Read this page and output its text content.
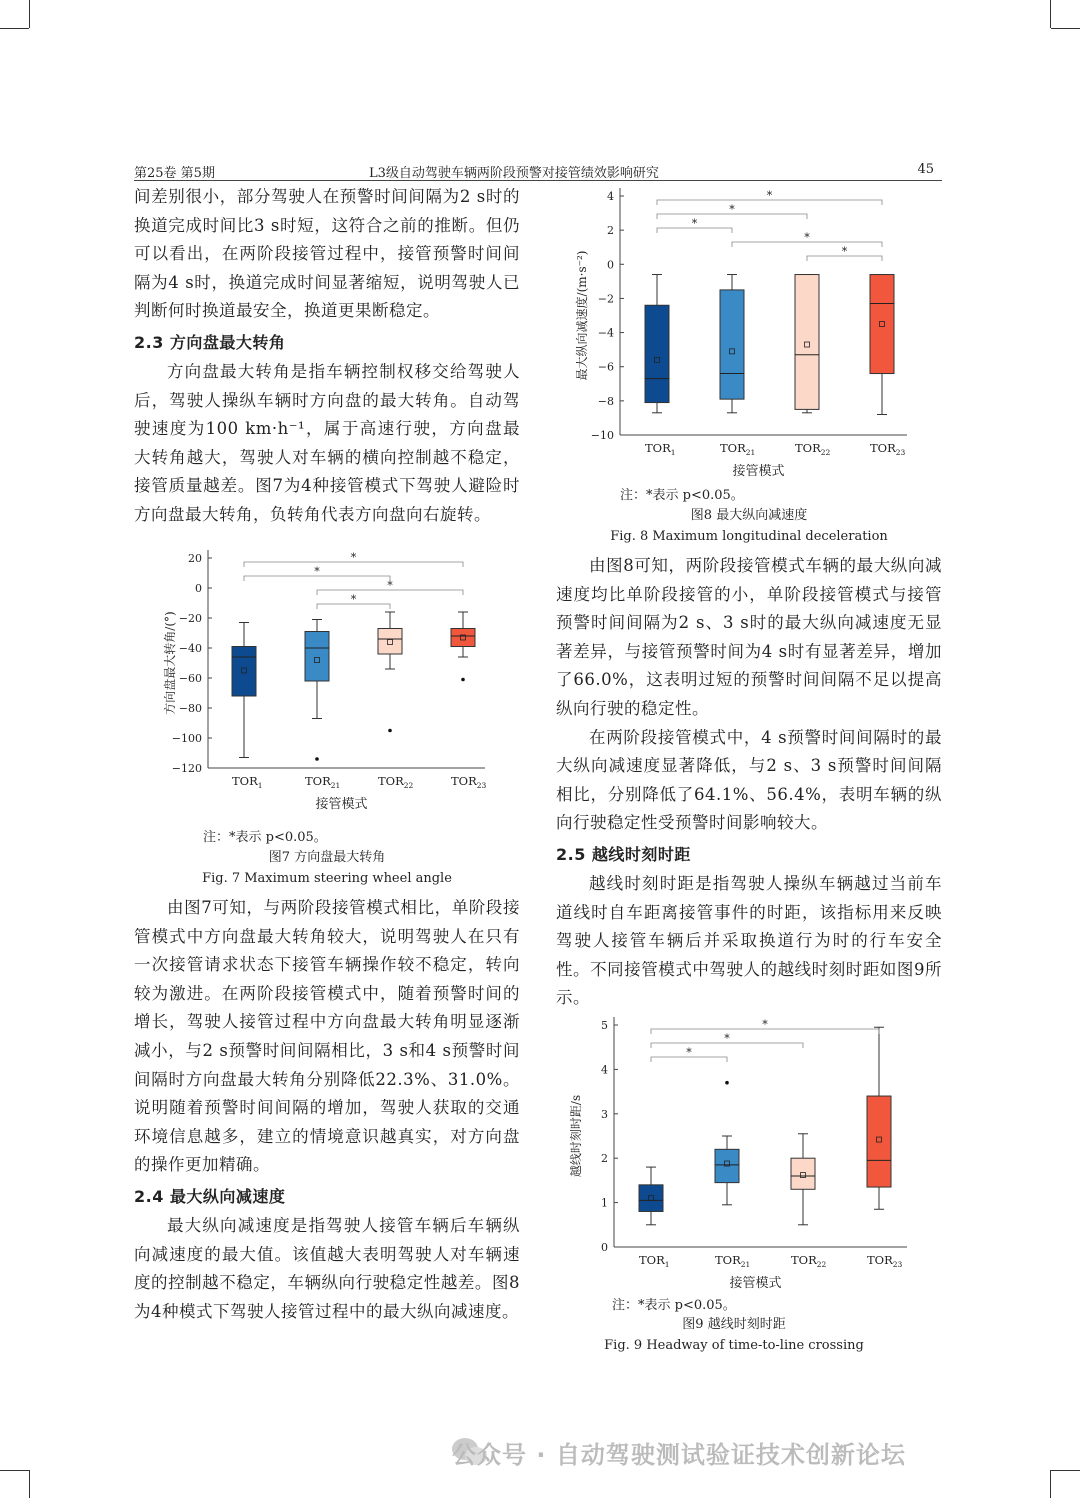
第25卷 第5期	L3级自动驾驶车辆两阶段预警对接管绩效影响研究	45

间差别很小，部分驾驶人在预警时间间隔为2 s时的换道完成时间比3 s时短，这符合之前的推断。但仍可以看出，在两阶段接管过程中，接管预警时间间隔为4 s时，换道完成时间显著缩短，说明驾驶人已判断何时换道最安全，换道更果断稳定。

2.3 方向盘最大转角

方向盘最大转角是指车辆控制权移交给驾驶人后，驾驶人操纵车辆时方向盘的最大转角。自动驾驶速度为100 km·h⁻¹，属于高速行驶，方向盘最大转角越大，驾驶人对车辆的横向控制越不稳定，接管质量越差。图7为4种接管模式下驾驶人避险时方向盘最大转角，负转角代表方向盘向右旋转。

20
0
−20
−40
−60
−80
−100
−120
方向盘最大转角/(°)
接管模式
$TOR_1$	$TOR_{21}$	$TOR_{22}$	$TOR_{23}$
*
*
*
*
注：*表示 p<0.05。
图7 方向盘最大转角
Fig. 7 Maximum steering wheel angle

由图7可知，与两阶段接管模式相比，单阶段接管模式中方向盘最大转角较大，说明驾驶人在只有一次接管请求状态下接管车辆操作较不稳定，转向较为激进。在两阶段接管模式中，随着预警时间的增长，驾驶人接管过程中方向盘最大转角明显逐渐减小，与2 s预警时间间隔相比，3 s和4 s预警时间间隔时方向盘最大转角分别降低22.3%、31.0%。说明随着预警时间间隔的增加，驾驶人获取的交通环境信息越多，建立的情境意识越真实，对方向盘的操作更加精确。

2.4 最大纵向减速度

最大纵向减速度是指驾驶人接管车辆后车辆纵向减速度的最大值。该值越大表明驾驶人对车辆速度的控制越不稳定，车辆纵向行驶稳定性越差。图8为4种模式下驾驶人接管过程中的最大纵向减速度。

4
2
0
−2
−4
−6
−8
−10
最大纵向减速度/(m·s⁻²)
接管模式
$TOR_1$	$TOR_{21}$	$TOR_{22}$	$TOR_{23}$
*
*
*
*
*
注：*表示 p<0.05。
图8 最大纵向减速度
Fig. 8 Maximum longitudinal deceleration

由图8可知，两阶段接管模式车辆的最大纵向减速度均比单阶段接管的小，单阶段接管模式与接管预警时间间隔为2 s、3 s时的最大纵向减速度无显著差异，与接管预警时间为4 s时有显著差异，增加了66.0%，这表明过短的预警时间间隔不足以提高纵向行驶的稳定性。

在两阶段接管模式中，4 s预警时间间隔时的最大纵向减速度显著降低，与2 s、3 s预警时间间隔相比，分别降低了64.1%、56.4%，表明车辆的纵向行驶稳定性受预警时间影响较大。

2.5 越线时刻时距

越线时刻时距是指驾驶人操纵车辆越过当前车道线时自车距离接管事件的时距，该指标用来反映驾驶人接管车辆后并采取换道行为时的行车安全性。不同接管模式中驾驶人的越线时刻时距如图9所示。

5
4
3
2
1
0
越线时刻时距/s
接管模式
$TOR_1$	$TOR_{21}$	$TOR_{22}$	$TOR_{23}$
*
*
*
注：*表示 p<0.05。
图9 越线时刻时距
Fig. 9 Headway of time-to-line crossing
公众号 · 自动驾驶测试验证技术创新论坛
